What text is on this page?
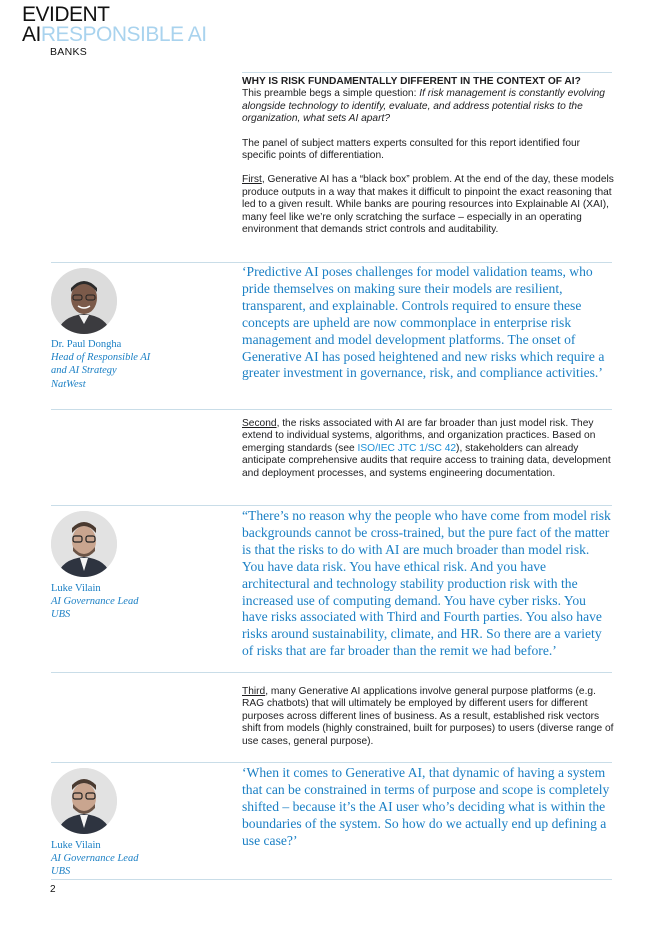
EVIDENT
AIRESPONSIBLE AI
BANKS

WHY IS RISK FUNDAMENTALLY DIFFERENT IN THE CONTEXT OF AI?

This preamble begs a simple question: If risk management is constantly evolving alongside technology to identify, evaluate, and address potential risks to the organization, what sets AI apart?

The panel of subject matters experts consulted for this report identified four specific points of differentiation.

First, Generative AI has a “black box” problem. At the end of the day, these models produce outputs in a way that makes it difficult to pinpoint the exact reasoning that led to a given result. While banks are pouring resources into Explainable AI (XAI), many feel like we’re only scratching the surface – especially in an operating environment that demands strict controls and auditability.

Dr. Paul Dongha
Head of Responsible AI
and AI Strategy
NatWest
‘Predictive AI poses challenges for model validation teams, who pride themselves on making sure their models are resilient, transparent, and explainable. Controls required to ensure these concepts are upheld are now commonplace in enterprise risk management and model development platforms. The onset of Generative AI has posed heightened and new risks which require a greater investment in governance, risk, and compliance activities.’

Second, the risks associated with AI are far broader than just model risk. They extend to individual systems, algorithms, and organization practices. Based on emerging standards (see ISO/IEC JTC 1/SC 42), stakeholders can already anticipate comprehensive audits that require access to training data, development and deployment processes, and systems engineering documentation.

Luke Vilain
AI Governance Lead
UBS
“There’s no reason why the people who have come from model risk backgrounds cannot be cross-trained, but the pure fact of the matter is that the risks to do with AI are much broader than model risk. You have data risk. You have ethical risk. And you have architectural and technology stability production risk with the increased use of computing demand. You have cyber risks. You have risks associated with Third and Fourth parties. You also have risks around sustainability, climate, and HR. So there are a variety of risks that are far broader than the remit we had before.’

Third, many Generative AI applications involve general purpose platforms (e.g. RAG chatbots) that will ultimately be employed by different users for different purposes across different lines of business. As a result, established risk vectors shift from models (highly constrained, built for purposes) to users (diverse range of use cases, general purpose).

Luke Vilain
AI Governance Lead
UBS
‘When it comes to Generative AI, that dynamic of having a system that can be constrained in terms of purpose and scope is completely shifted – because it’s the AI user who’s deciding what is within the boundaries of the system. So how do we actually end up defining a use case?’
2
